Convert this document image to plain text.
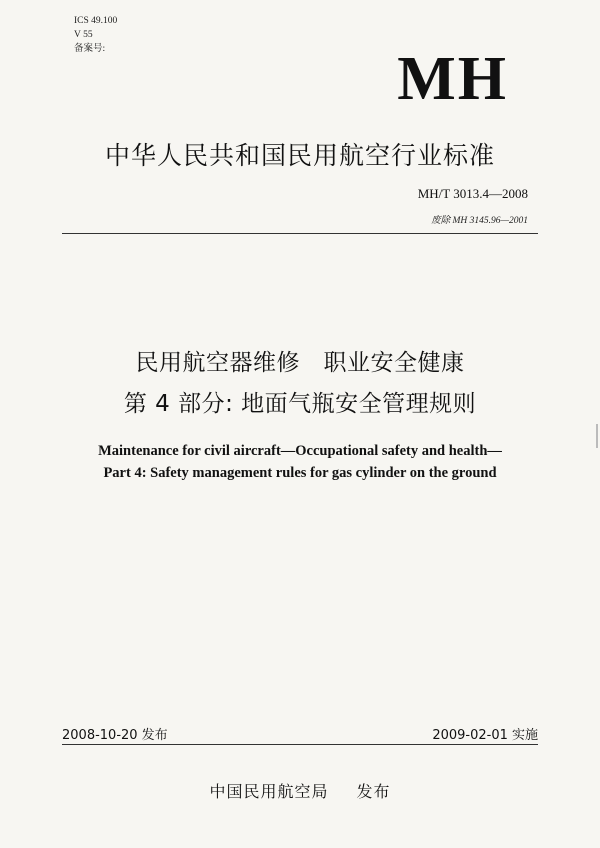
ICS 49.100
V 55
备案号:	MH
中华人民共和国民用航空行业标准
MH/T 3013.4—2008
废除 MH 3145.96—2001
民用航空器维修　职业安全健康
第 4 部分: 地面气瓶安全管理规则
Maintenance for civil aircraft—Occupational safety and health—
Part 4: Safety management rules for gas cylinder on the ground
2008-10-20 发布	2009-02-01 实施
中国民用航空局 发布
